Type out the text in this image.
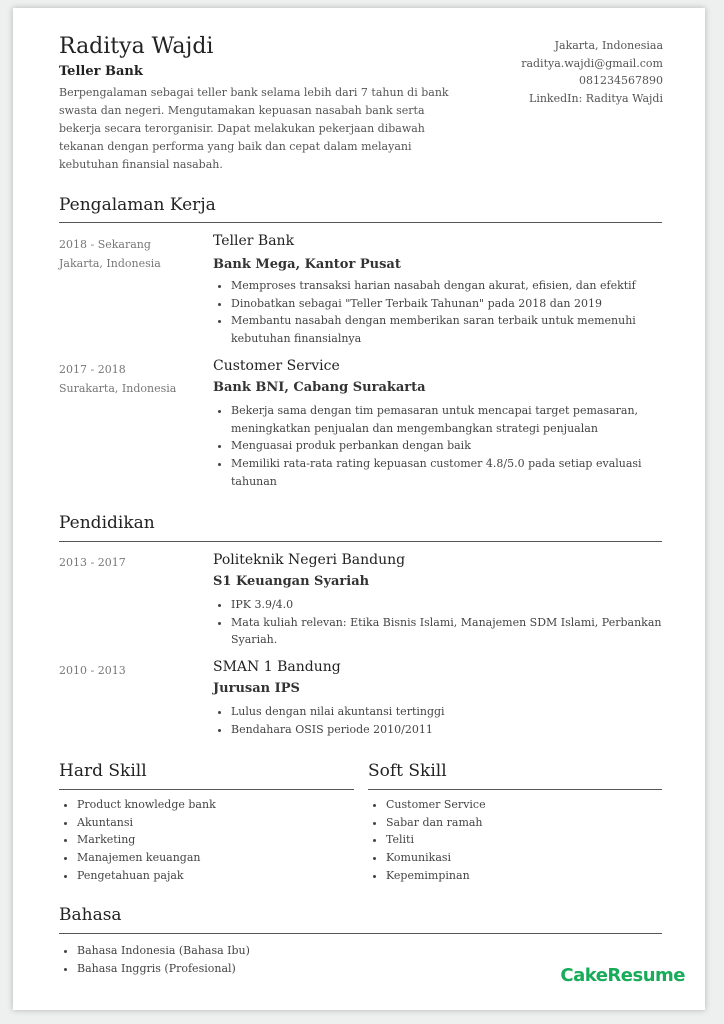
Raditya Wajdi
Teller Bank
Berpengalaman sebagai teller bank selama lebih dari 7 tahun di bank swasta dan negeri. Mengutamakan kepuasan nasabah bank serta bekerja secara terorganisir. Dapat melakukan pekerjaan dibawah tekanan dengan performa yang baik dan cepat dalam melayani kebutuhan finansial nasabah.
Jakarta, Indonesiaa
raditya.wajdi@gmail.com
081234567890
LinkedIn: Raditya Wajdi
Pengalaman Kerja
2018 - Sekarang
Jakarta, Indonesia
Teller Bank
Bank Mega, Kantor Pusat
• Memproses transaksi harian nasabah dengan akurat, efisien, dan efektif
• Dinobatkan sebagai "Teller Terbaik Tahunan" pada 2018 dan 2019
• Membantu nasabah dengan memberikan saran terbaik untuk memenuhi kebutuhan finansialnya
2017 - 2018
Surakarta, Indonesia
Customer Service
Bank BNI, Cabang Surakarta
• Bekerja sama dengan tim pemasaran untuk mencapai target pemasaran, meningkatkan penjualan dan mengembangkan strategi penjualan
• Menguasai produk perbankan dengan baik
• Memiliki rata-rata rating kepuasan customer 4.8/5.0 pada setiap evaluasi tahunan
Pendidikan
2013 - 2017	Politeknik Negeri Bandung
S1 Keuangan Syariah
• IPK 3.9/4.0
• Mata kuliah relevan: Etika Bisnis Islami, Manajemen SDM Islami, Perbankan Syariah.
2010 - 2013	SMAN 1 Bandung
Jurusan IPS
• Lulus dengan nilai akuntansi tertinggi
• Bendahara OSIS periode 2010/2011
Hard Skill
• Product knowledge bank
• Akuntansi
• Marketing
• Manajemen keuangan
• Pengetahuan pajak
Soft Skill
• Customer Service
• Sabar dan ramah
• Teliti
• Komunikasi
• Kepemimpinan
Bahasa
• Bahasa Indonesia (Bahasa Ibu)
• Bahasa Inggris (Profesional)	CakeResume
